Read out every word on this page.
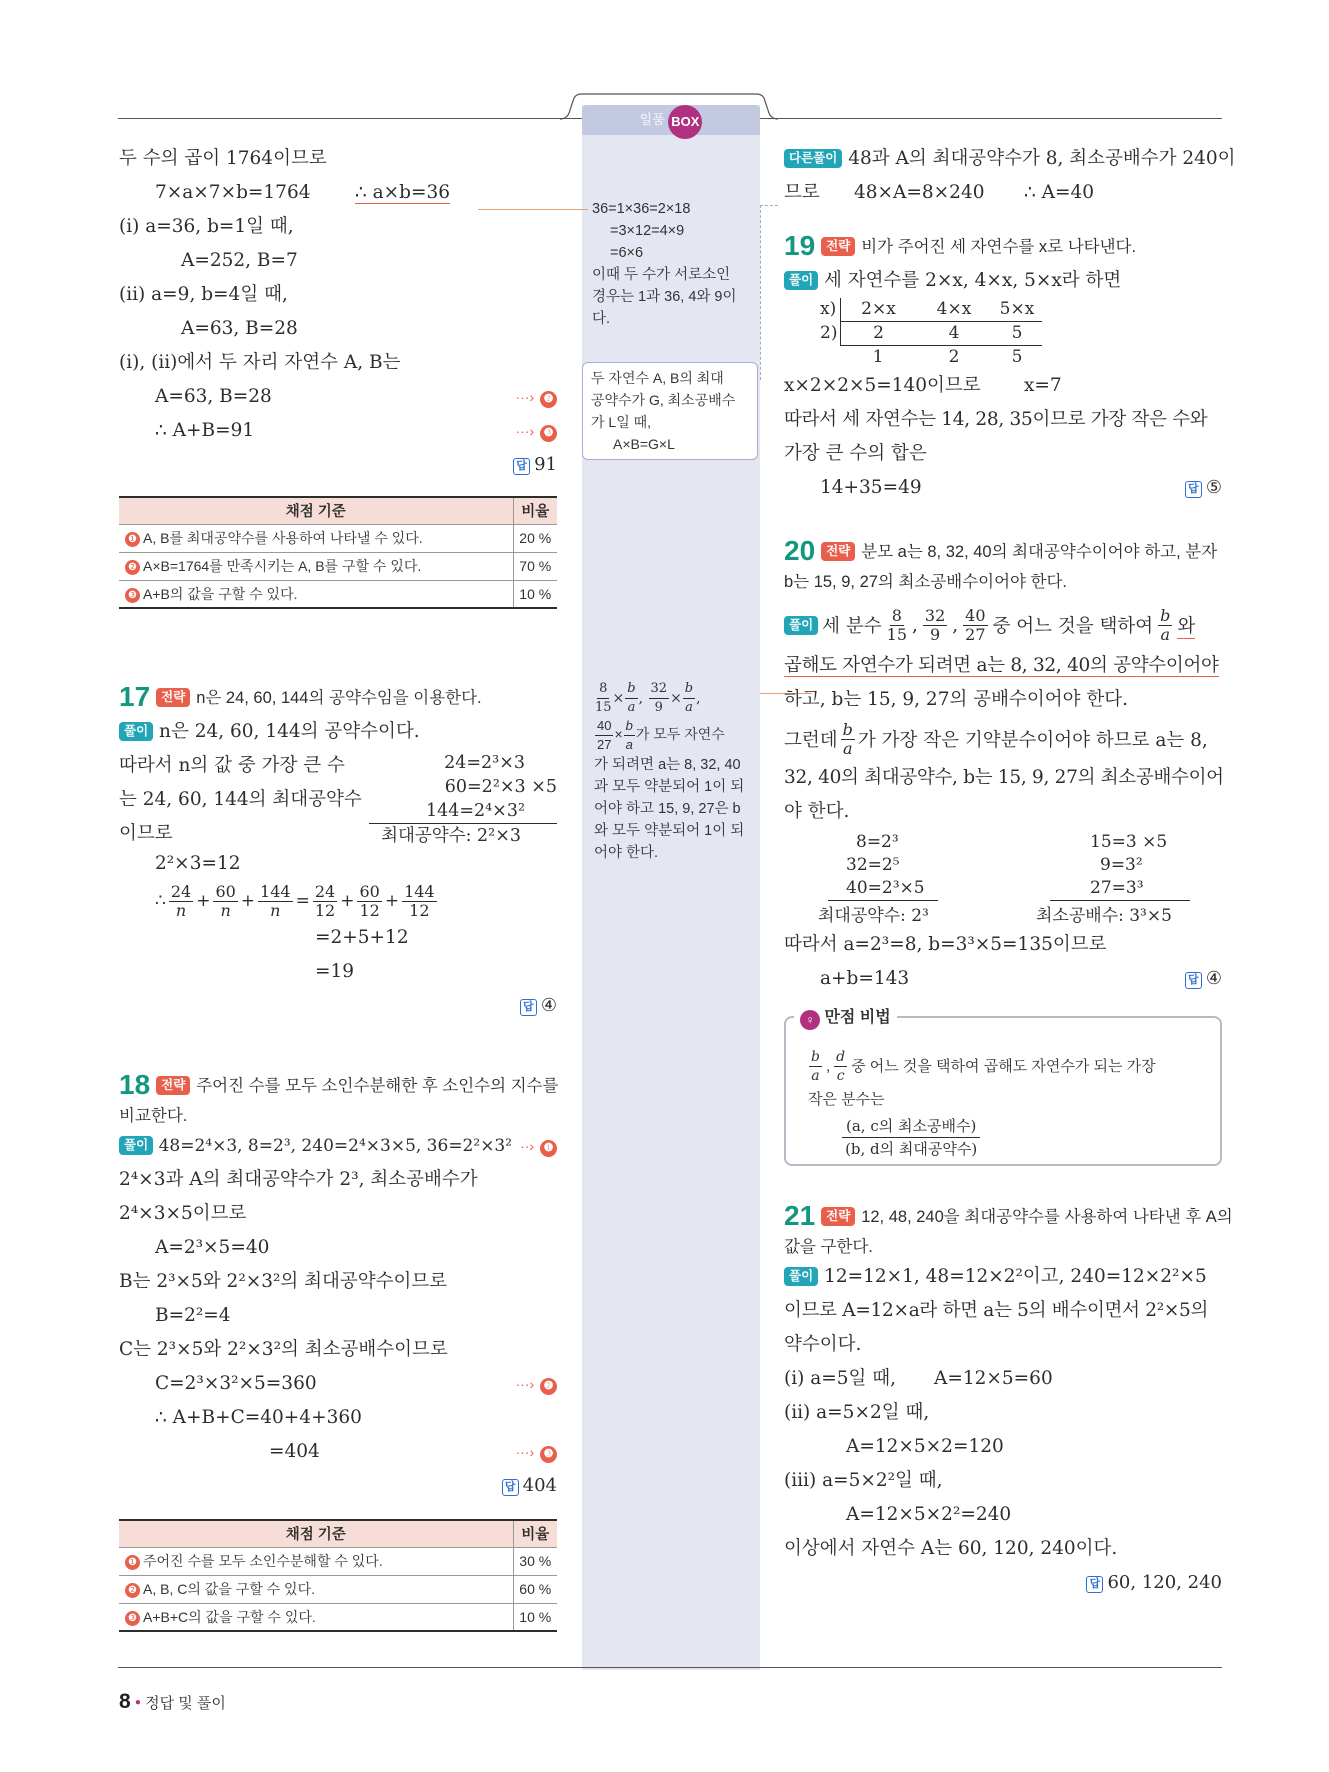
일품 BOX
두 수의 곱이 1764이므로
7×a×7×b=1764 ∴ a×b=36
(ⅰ) a=36, b=1일 때,
A=252, B=7
(ⅱ) a=9, b=4일 때,
A=63, B=28
(ⅰ), (ⅱ)에서 두 자리 자연수 A, B는
A=63, B=28	···› ❷
∴ A+B=91	···› ❸
답 91
채점 기준	비율
❶ A, B를 최대공약수를 사용하여 나타낼 수 있다.	20 %
❷ A×B=1764를 만족시키는 A, B를 구할 수 있다.	70 %
❸ A+B의 값을 구할 수 있다.	10 %
17 전략 n은 24, 60, 144의 공약수임을 이용한다.
풀이 n은 24, 60, 144의 공약수이다.
따라서 n의 값 중 가장 큰 수
는 24, 60, 144의 최대공약수
이므로
24=2³×3
60=2²×3 ×5
144=2⁴×3²
최대공약수: 2²×3
2²×3=12
∴ 24
n + 60
n + 144
n = 24
12 + 60
12 + 144
12
=2+5+12
=19
답 ④
18 전략 주어진 수를 모두 소인수분해한 후 소인수의 지수를
비교한다.
풀이 48=2⁴×3, 8=2³, 240=2⁴×3×5, 36=2²×3² ··› ❶
2⁴×3과 A의 최대공약수가 2³, 최소공배수가
2⁴×3×5이므로
A=2³×5=40
B는 2³×5와 2²×3²의 최대공약수이므로
B=2²=4
C는 2³×5와 2²×3²의 최소공배수이므로
C=2³×3²×5=360	···› ❷
∴ A+B+C=40+4+360
=404	···› ❸
답 404
채점 기준	비율
❶ 주어진 수를 모두 소인수분해할 수 있다.	30 %
❷ A, B, C의 값을 구할 수 있다.	60 %
❸ A+B+C의 값을 구할 수 있다.	10 %
36=1×36=2×18
=3×12=4×9
=6×6
이때 두 수가 서로소인
경우는 1과 36, 4와 9이
다.
두 자연수 A, B의 최대
공약수가 G, 최소공배수
가 L일 때,
A×B=G×L
$\frac{8}{15} \times \frac{b}{a}$ , $\frac{32}{9} \times \frac{b}{a}$ ,
$\frac{40}{27} \times \frac{b}{a}$ 가 모두 자연수
가 되려면 a는 8, 32, 40
과 모두 약분되어 1이 되
어야 하고 15, 9, 27은 b
와 모두 약분되어 1이 되
어야 한다.
다른풀이 48과 A의 최대공약수가 8, 최소공배수가 240이
므로 48×A=8×240 ∴ A=40
19 전략 비가 주어진 세 자연수를 x로 나타낸다.
풀이 세 자연수를 2×x, 4×x, 5×x라 하면
x)	2×x	4×x	5×x
2)	2	4	5
1	2	5
x×2×2×5=140이므로 x=7
따라서 세 자연수는 14, 28, 35이므로 가장 작은 수와
가장 큰 수의 합은
14+35=49	답 ⑤
20 전략 분모 a는 8, 32, 40의 최대공약수이어야 하고, 분자
b는 15, 9, 27의 최소공배수이어야 한다.
풀이 세 분수
8
15 , 32
9 , 40
27 중 어느 것을 택하여
b
a 와
곱해도 자연수가 되려면 a는 8, 32, 40의 공약수이어야
하고, b는 15, 9, 27의 공배수이어야 한다.
그런데
b
a 가 가장 작은 기약분수이어야 하므로 a는 8,
32, 40의 최대공약수, b는 15, 9, 27의 최소공배수이어
야 한다.
8=2³
32=2⁵
40=2³×5
최대공약수: 2³
15=3 ×5
9=3²
27=3³
최소공배수: 3³×5
따라서 a=2³=8, b=3³×5=135이므로
a+b=143	답 ④
♀ 만점 비법
b
a
,
d
c
중 어느 것을 택하여 곱해도 자연수가 되는 가장
작은 분수는
(a, c의 최소공배수)
(b, d의 최대공약수)
21 전략 12, 48, 240을 최대공약수를 사용하여 나타낸 후 A의
값을 구한다.
풀이 12=12×1, 48=12×2²이고, 240=12×2²×5
이므로 A=12×a라 하면 a는 5의 배수이면서 2²×5의
약수이다.
(ⅰ) a=5일 때, A=12×5=60
(ⅱ) a=5×2일 때,
A=12×5×2=120
(ⅲ) a=5×2²일 때,
A=12×5×2²=240
이상에서 자연수 A는 60, 120, 240이다.
답 60, 120, 240
8 ● 정답 및 풀이
